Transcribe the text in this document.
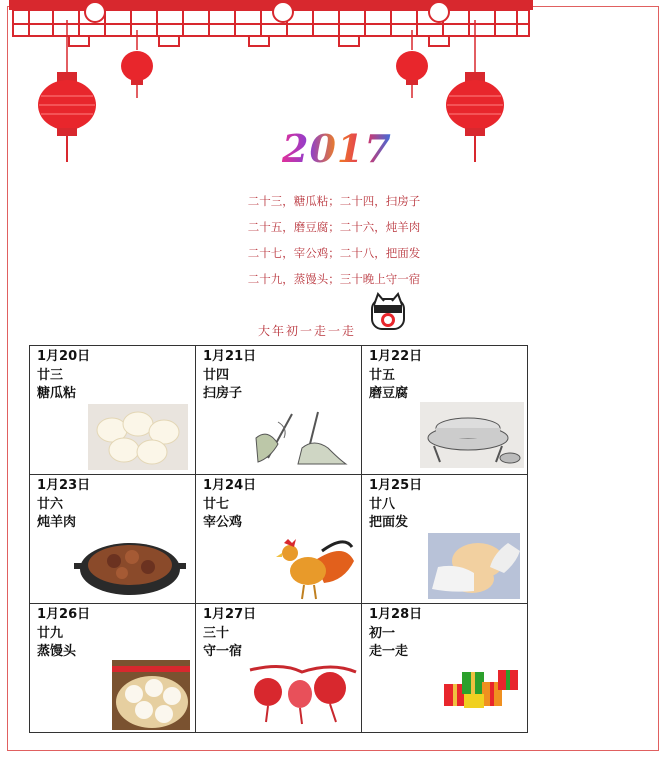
2017
二十三，糖瓜粘；二十四，扫房子
二十五，磨豆腐；二十六，炖羊肉
二十七，宰公鸡；二十八，把面发
二十九，蒸馒头；三十晚上守一宿
大年初一走一走
1月20日
廿三
糖瓜粘	1月21日
廿四
扫房子	1月22日
廿五
磨豆腐

1月23日
廿六
炖羊肉	1月24日
廿七
宰公鸡	1月25日
廿八
把面发

1月26日
廿九
蒸馒头	1月27日
三十
守一宿	1月28日
初一
走一走
